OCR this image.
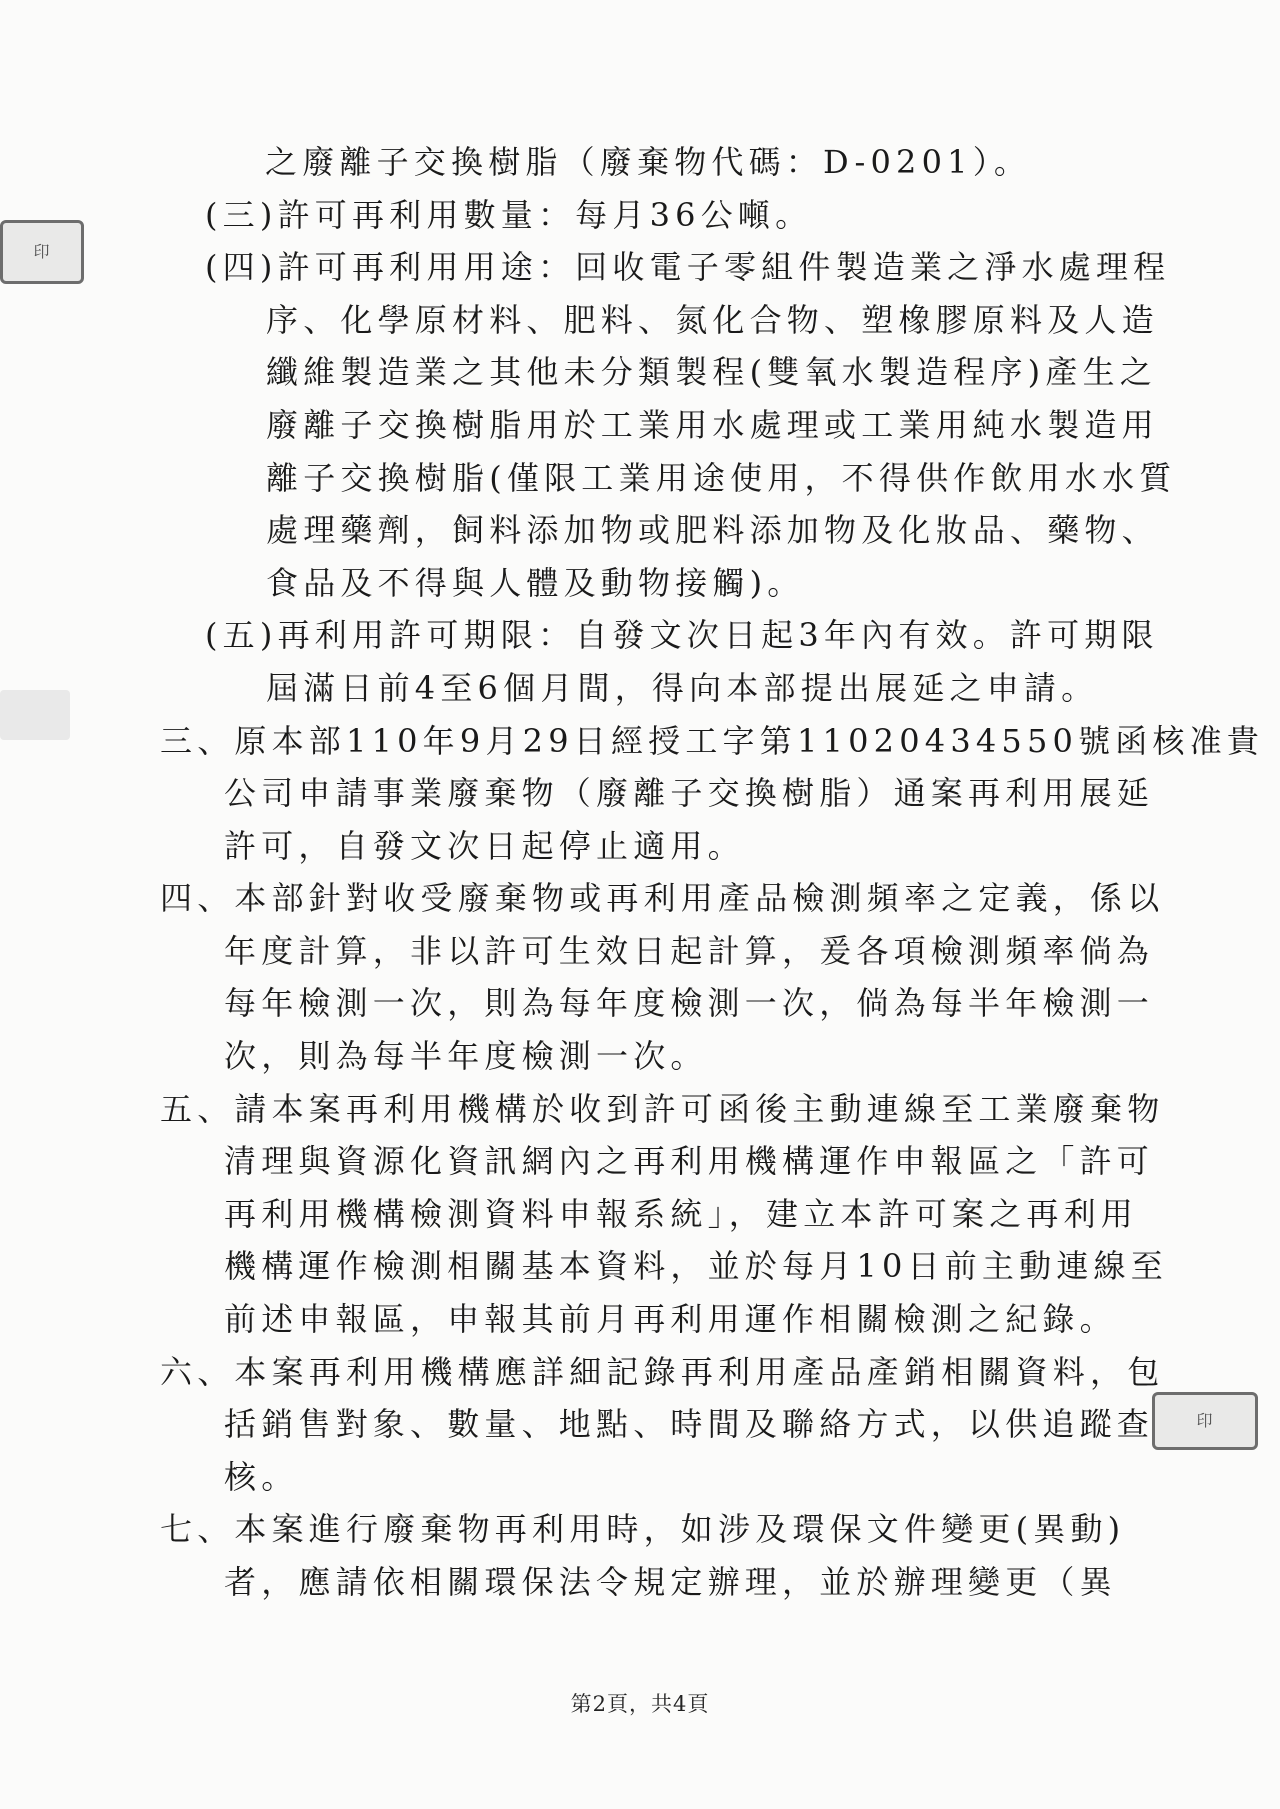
印
印
之廢離子交換樹脂（廢棄物代碼：D-0201）。
(三)許可再利用數量：每月36公噸。
(四)許可再利用用途：回收電子零組件製造業之淨水處理程
序、化學原材料、肥料、氮化合物、塑橡膠原料及人造
纖維製造業之其他未分類製程(雙氧水製造程序)產生之
廢離子交換樹脂用於工業用水處理或工業用純水製造用
離子交換樹脂(僅限工業用途使用，不得供作飲用水水質
處理藥劑，飼料添加物或肥料添加物及化妝品、藥物、
食品及不得與人體及動物接觸)。
(五)再利用許可期限：自發文次日起3年內有效。許可期限
屆滿日前4至6個月間，得向本部提出展延之申請。
三、原本部110年9月29日經授工字第11020434550號函核准貴
公司申請事業廢棄物（廢離子交換樹脂）通案再利用展延
許可，自發文次日起停止適用。
四、本部針對收受廢棄物或再利用產品檢測頻率之定義，係以
年度計算，非以許可生效日起計算，爰各項檢測頻率倘為
每年檢測一次，則為每年度檢測一次，倘為每半年檢測一
次，則為每半年度檢測一次。
五、請本案再利用機構於收到許可函後主動連線至工業廢棄物
清理與資源化資訊網內之再利用機構運作申報區之「許可
再利用機構檢測資料申報系統」，建立本許可案之再利用
機構運作檢測相關基本資料，並於每月10日前主動連線至
前述申報區，申報其前月再利用運作相關檢測之紀錄。
六、本案再利用機構應詳細記錄再利用產品產銷相關資料，包
括銷售對象、數量、地點、時間及聯絡方式，以供追蹤查
核。
七、本案進行廢棄物再利用時，如涉及環保文件變更(異動)
者，應請依相關環保法令規定辦理，並於辦理變更（異
第2頁，共4頁
